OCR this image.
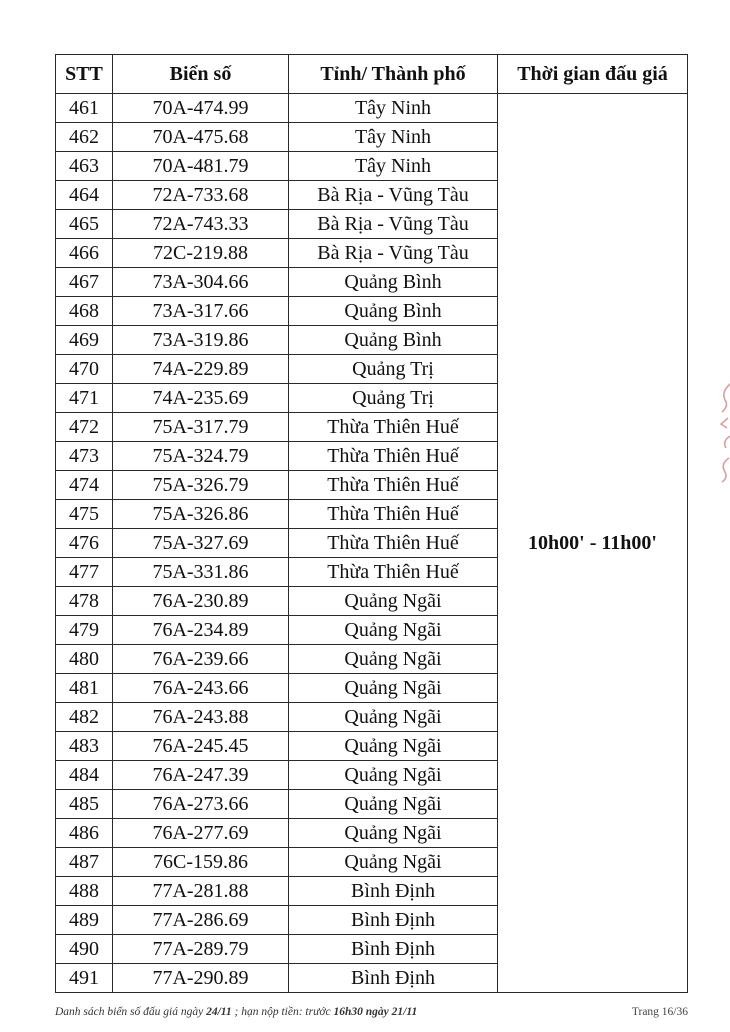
STT	Biển số	Tỉnh/ Thành phố	Thời gian đấu giá
461	70A-474.99	Tây Ninh	10h00' - 11h00'
462	70A-475.68	Tây Ninh	
463	70A-481.79	Tây Ninh	
464	72A-733.68	Bà Rịa - Vũng Tàu	
465	72A-743.33	Bà Rịa - Vũng Tàu	
466	72C-219.88	Bà Rịa - Vũng Tàu	
467	73A-304.66	Quảng Bình	
468	73A-317.66	Quảng Bình	
469	73A-319.86	Quảng Bình	
470	74A-229.89	Quảng Trị	
471	74A-235.69	Quảng Trị	
472	75A-317.79	Thừa Thiên Huế	
473	75A-324.79	Thừa Thiên Huế	
474	75A-326.79	Thừa Thiên Huế	
475	75A-326.86	Thừa Thiên Huế	
476	75A-327.69	Thừa Thiên Huế	
477	75A-331.86	Thừa Thiên Huế	
478	76A-230.89	Quảng Ngãi	
479	76A-234.89	Quảng Ngãi	
480	76A-239.66	Quảng Ngãi	
481	76A-243.66	Quảng Ngãi	
482	76A-243.88	Quảng Ngãi	
483	76A-245.45	Quảng Ngãi	
484	76A-247.39	Quảng Ngãi	
485	76A-273.66	Quảng Ngãi	
486	76A-277.69	Quảng Ngãi	
487	76C-159.86	Quảng Ngãi	
488	77A-281.88	Bình Định	
489	77A-286.69	Bình Định	
490	77A-289.79	Bình Định	
491	77A-290.89	Bình Định	
Danh sách biển số đấu giá ngày 24/11 ; hạn nộp tiền: trước 16h30 ngày 21/11	Trang 16/36
